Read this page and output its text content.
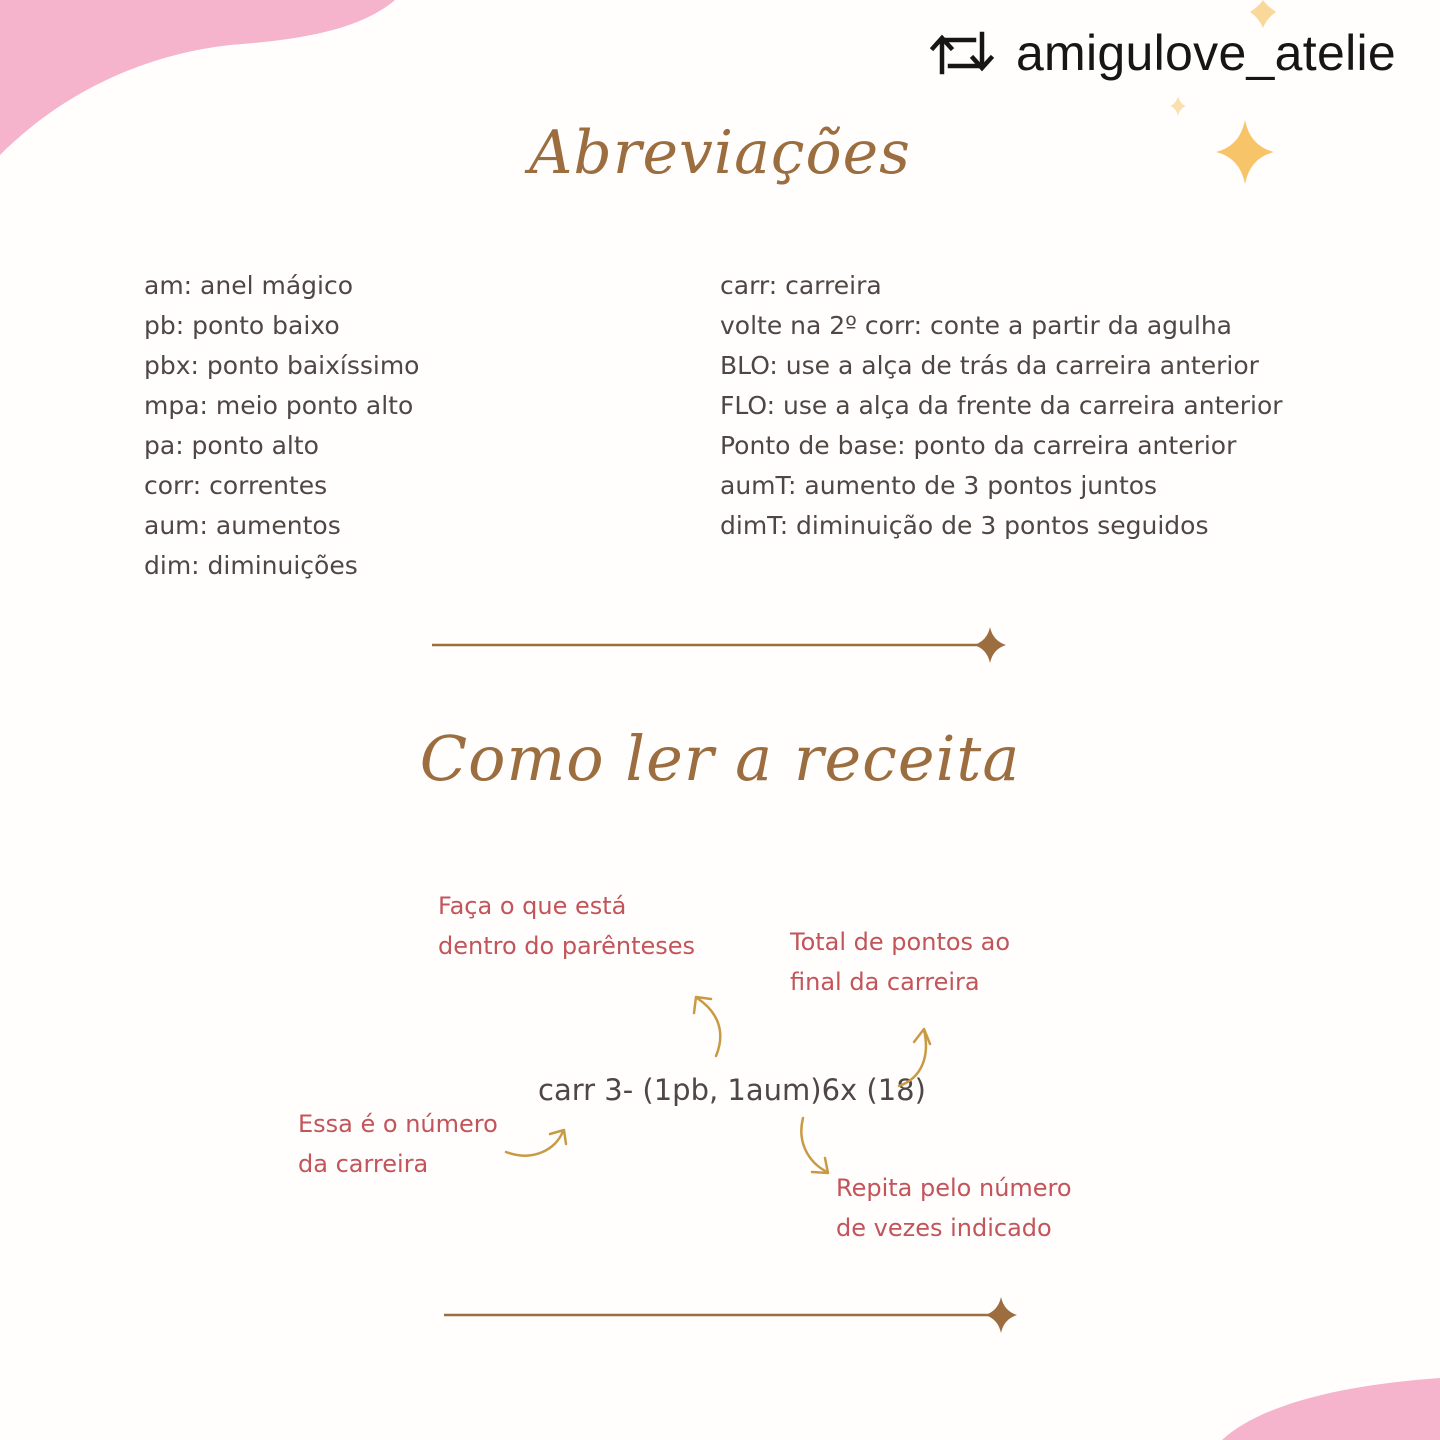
amigulove_atelie
Abreviações
am: anel mágico
pb: ponto baixo
pbx: ponto baixíssimo
mpa: meio ponto alto
pa: ponto alto
corr: correntes
aum: aumentos
dim: diminuições
carr: carreira
volte na 2º corr: conte a partir da agulha
BLO: use a alça de trás da carreira anterior
FLO: use a alça da frente da carreira anterior
Ponto de base: ponto da carreira anterior
aumT: aumento de 3 pontos juntos
dimT: diminuição de 3 pontos seguidos
Como ler a receita
Faça o que está
dentro do parênteses	Total de pontos ao
final da carreira
Essa é o número
da carreira
Repita pelo número
de vezes indicado
carr 3- (1pb, 1aum)6x (18)
